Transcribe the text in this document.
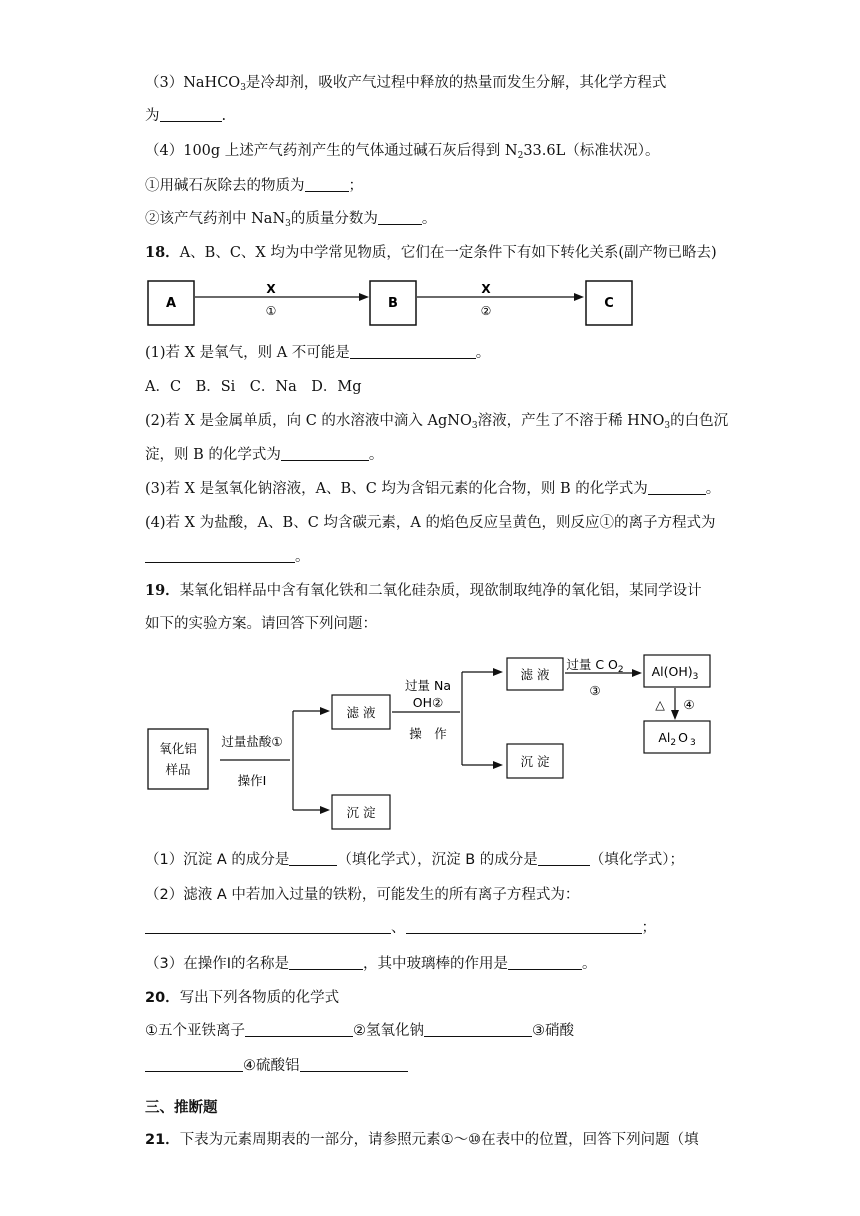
（3）NaHCO$_3$是冷却剂，吸收产气过程中释放的热量而发生分解，其化学方程式
为	.
（4）100g 上述产气药剂产生的气体通过碱石灰后得到 $N_233.6L$（标准状况）。
①用碱石灰除去的物质为	；
②该产气药剂中 NaN$_3$的质量分数为	。
18．A、B、C、X 均为中学常见物质，它们在一定条件下有如下转化关系(副产物已略去)
A
X
①	B
X
②	C
(1)若 X 是氧气，则 A 不可能是	。
A．C　B．Si　C．Na　D．Mg
(2)若 X 是金属单质，向 C 的水溶液中滴入 AgNO$_3$溶液，产生了不溶于稀 $HNO_3$的白色沉
淀，则 B 的化学式为	。
(3)若 X 是氢氧化钠溶液，A、B、C 均为含铝元素的化合物，则 B 的化学式为	。
(4)若 X 为盐酸，A、B、C 均含碳元素，A 的焰色反应呈黄色，则反应①的离子方程式为
。
19．某氧化铝样品中含有氧化铁和二氧化硅杂质，现欲制取纯净的氧化铝，某同学设计
如下的实验方案。请回答下列问题：
氧化铝
样品
过量盐酸①
操作Ⅰ
滤 液
沉 淀
过量 Na
OH②
操　作
滤 液
沉 淀
过量 C $O_2$
③
$Al(OH)_3$
△ ④
$Al_2$ O $_3$
（1）沉淀 A 的成分是	（填化学式），沉淀 B 的成分是	（填化学式）；
（2）滤液 A 中若加入过量的铁粉，可能发生的所有离子方程式为：
、	；
（3）在操作Ⅰ的名称是	，其中玻璃棒的作用是	。
20．写出下列各物质的化学式
①五个亚铁离子	②氢氧化钠	③硝酸
④硫酸铝
三、推断题
21．下表为元素周期表的一部分，请参照元素①～⑩在表中的位置，回答下列问题（填
